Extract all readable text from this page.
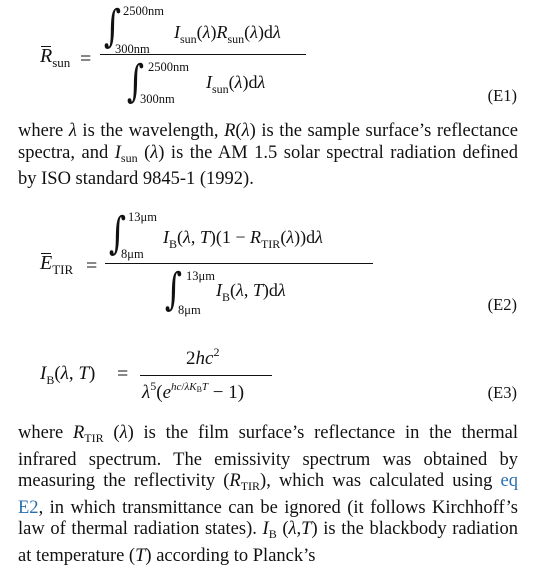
$R_{sun}$ =
∫ 2500nm
300nm
$I_{sun}(\lambda)R_{sun}(\lambda)d\lambda$
∫ 2500nm
300nm
$I_{sun}(\lambda)d\lambda$
(E1)

where λ is the wavelength, R(λ) is the sample surface’s reflectance spectra, and $I_{sun}$ (λ) is the AM 1.5 solar spectral radiation defined by ISO standard 9845-1 (1992).

$E_{TIR}$ =
∫ 13μm
8μm
$I_B(\lambda$, $T)(1 - R_{TIR}(\lambda))d\lambda$
∫ 13μm
8μm
$I_B(\lambda$, T)dλ
(E2)
$I_B(\lambda$, T) =
$2hc^2$
$\lambda^5(e^{hc/\lambda K_BT} - 1)$	(E3)

where $R_{TIR}$ (λ) is the film surface’s reflectance in the thermal infrared spectrum. The emissivity spectrum was obtained by measuring the reflectivity $(R_{TIR})$, which was calculated using eq E2, in which transmittance can be ignored (it follows Kirchhoff’s law of thermal radiation states). $I_B$ (λ,T) is the blackbody radiation at temperature (T) according to Planck’s
